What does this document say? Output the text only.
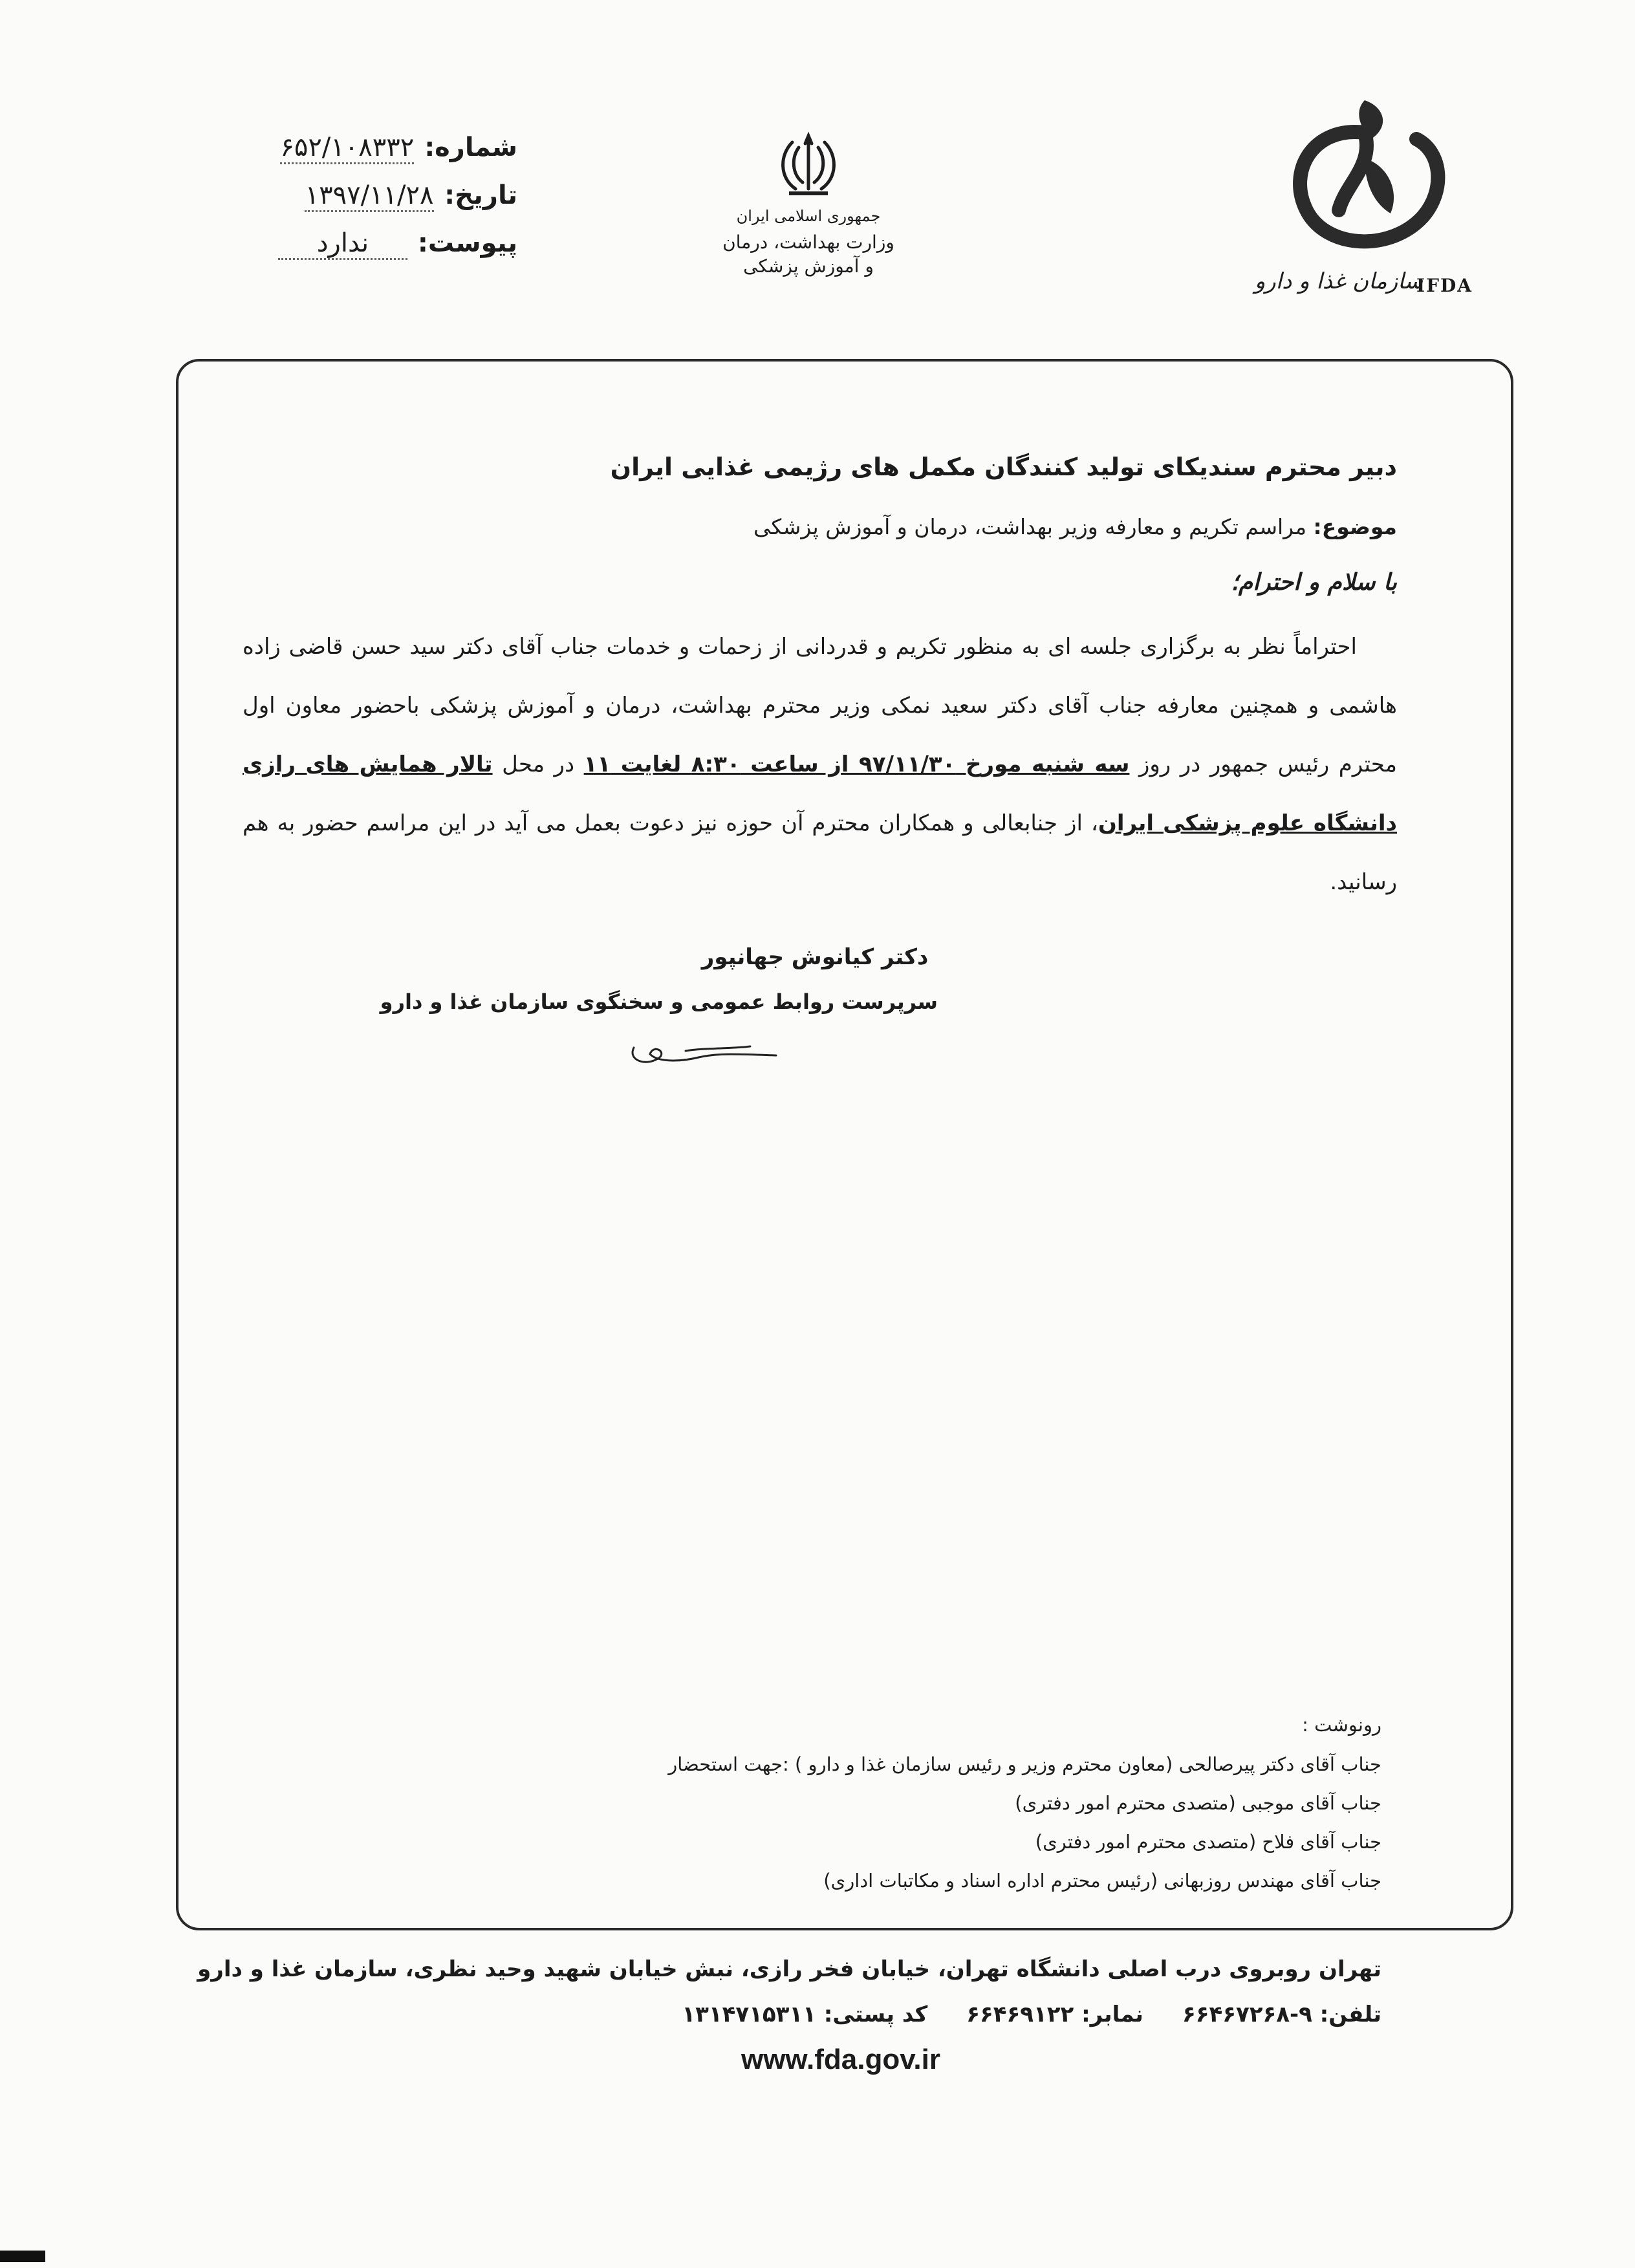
شماره:
۶۵۲/۱۰۸۳۳۲
تاریخ:
۱۳۹۷/۱۱/۲۸
پیوست:
ندارد
جمهوری اسلامی ایران
وزارت بهداشت، درمان
و آموزش پزشکی
سازمان غذا و دارو
IFDA
دبیر محترم سندیکای تولید کنندگان مکمل های رژیمی غذایی ایران
موضوع: مراسم تکریم و معارفه وزیر بهداشت، درمان و آموزش پزشکی
با سلام و احترام؛
احتراماً نظر به برگزاری جلسه ای به منظور تکریم و قدردانی از زحمات و خدمات جناب آقای دکتر سید حسن قاضی زاده هاشمی و همچنین معارفه جناب آقای دکتر سعید نمکی وزیر محترم بهداشت، درمان و آموزش پزشکی باحضور معاون اول محترم رئیس جمهور در روز سه شنبه مورخ ۹۷/۱۱/۳۰ از ساعت ۸:۳۰ لغایت ۱۱ در محل تالار همایش های رازی دانشگاه علوم پزشکی ایران، از جنابعالی و همکاران محترم آن حوزه نیز دعوت بعمل می آید در این مراسم حضور به هم رسانید.
دکتر کیانوش جهانپور
سرپرست روابط عمومی و سخنگوی سازمان غذا و دارو
رونوشت :
جناب آقای دکتر پیرصالحی (معاون محترم وزیر و رئیس سازمان غذا و دارو ) :جهت استحضار
جناب آقای موجبی (متصدی محترم امور دفتری)
جناب آقای فلاح (متصدی محترم امور دفتری)
جناب آقای مهندس روزبهانی (رئیس محترم اداره اسناد و مکاتبات اداری)
تهران روبروی درب اصلی دانشگاه تهران، خیابان فخر رازی، نبش خیابان شهید وحید نظری، سازمان غذا و دارو
تلفن: ۹-۶۶۴۶۷۲۶۸
نمابر: ۶۶۴۶۹۱۲۲
کد پستی: ۱۳۱۴۷۱۵۳۱۱
www.fda.gov.ir
